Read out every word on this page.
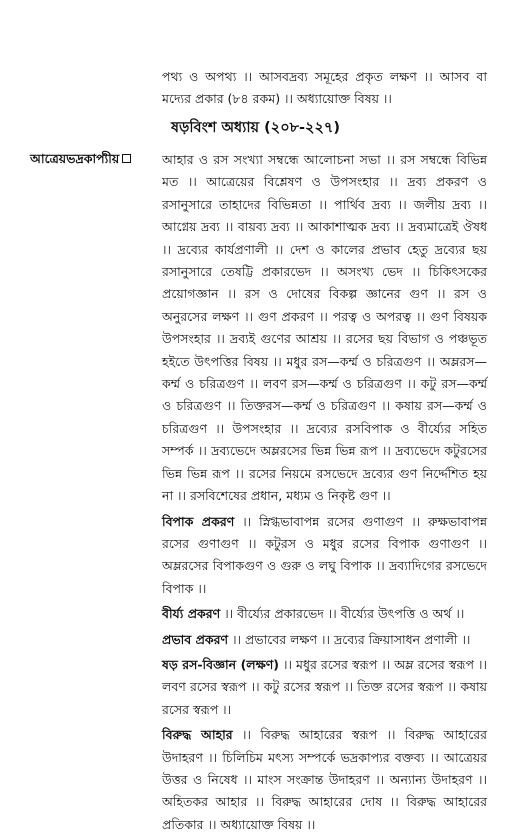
পথ্য ও অপথ্য ।। আসবদ্রব্য সমূহের প্রকৃত লক্ষণ ।। আসব বা মদ্যের প্রকার (৮৪ রকম) ।। অধ্যায়োক্ত বিষয় ।।
ষড়বিংশ অধ্যায় (২০৮-২২৭)
আত্রেয়ভদ্রকাপ্যীয়	আহার ও রস সংখ্যা সম্বন্ধে আলোচনা সভা ।। রস সম্বন্ধে বিভিন্ন মত ।। আত্রেয়ের বিশ্লেষণ ও উপসংহার ।। দ্রব্য প্রকরণ ও রসানুসারে তাহাদের বিভিন্নতা ।। পার্থিব দ্রব্য ।। জলীয় দ্রব্য ।। আগ্নেয় দ্রব্য ।। বায়ব্য দ্রব্য ।। আকাশাত্মক দ্রব্য ।। দ্রব্যমাত্রেই ঔষধ ।। দ্রব্যের কার্যপ্রণালী ।। দেশ ও কালের প্রভাব হেতু দ্রব্যের ছয় রসানুসারে তেষট্টি প্রকারভেদ ।। অসংখ্য ভেদ ।। চিকিৎসকের প্রয়োগজ্ঞান ।। রস ও দোষের বিকল্প জ্ঞানের গুণ ।। রস ও অনুরসের লক্ষণ ।। গুণ প্রকরণ ।। পরত্ব ও অপরত্ব ।। গুণ বিষয়ক উপসংহার ।। দ্রব্যই গুণের আশ্রয় ।। রসের ছয় বিভাগ ও পঞ্চভূত হইতে উৎপত্তির বিষয় ।। মধুর রস—কর্ম্ম ও চরিত্রগুণ ।। অম্লরস—কর্ম্ম ও চরিত্রগুণ ।। লবণ রস—কর্ম্ম ও চরিত্রগুণ ।। কটু রস—কর্ম্ম ও চরিত্রগুণ ।। তিক্তরস—কর্ম্ম ও চরিত্রগুণ ।। কষায় রস—কর্ম্ম ও চরিত্রগুণ ।। উপসংহার ।। দ্রব্যের রসবিপাক ও বীর্য্যের সহিত সম্পর্ক ।। দ্রব্যভেদে অম্লরসের ভিন্ন ভিন্ন রূপ ।। দ্রব্যভেদে কটুরসের ভিন্ন ভিন্ন রূপ ।। রসের নিয়মে রসভেদে দ্রব্যের গুণ নির্দ্দেশিত হয় না ।। রসবিশেষের প্রধান, মধ্যম ও নিকৃষ্ট গুণ ।।

বিপাক প্রকরণ ।। স্নিগ্ধভাবাপন্ন রসের গুণাগুণ ।। রুক্ষভাবাপন্ন রসের গুণাগুণ ।। কটুরস ও মধুর রসের বিপাক গুণাগুণ ।। অম্লরসের বিপাকগুণ ও গুরু ও লঘু বিপাক ।। দ্রব্যাদিগের রসভেদে বিপাক ।।

বীর্য্য প্রকরণ ।। বীর্য্যের প্রকারভেদ ।। বীর্য্যের উৎপত্তি ও অর্থ ।।

প্রভাব প্রকরণ ।। প্রভাবের লক্ষণ ।। দ্রব্যের ক্রিয়াসাধন প্রণালী ।।

ষড় রস-বিজ্ঞান (লক্ষণ) ।। মধুর রসের স্বরূপ ।। অম্ল রসের স্বরূপ ।। লবণ রসের স্বরূপ ।। কটু রসের স্বরূপ ।। তিক্ত রসের স্বরূপ ।। কষায় রসের স্বরূপ ।।

বিরুদ্ধ আহার ।। বিরুদ্ধ আহারের স্বরূপ ।। বিরুদ্ধ আহারের উদাহরণ ।। চিলিচিম মৎস্য সম্পর্কে ভদ্রকাপ্যর বক্তব্য ।। আত্রেয়র উত্তর ও নিষেধ ।। মাংস সংক্রান্ত উদাহরণ ।। অন্যান্য উদাহরণ ।। অহিতকর আহার ।। বিরুদ্ধ আহারের দোষ ।। বিরুদ্ধ আহারের প্রতিকার ।। অধ্যায়োক্ত বিষয় ।।
